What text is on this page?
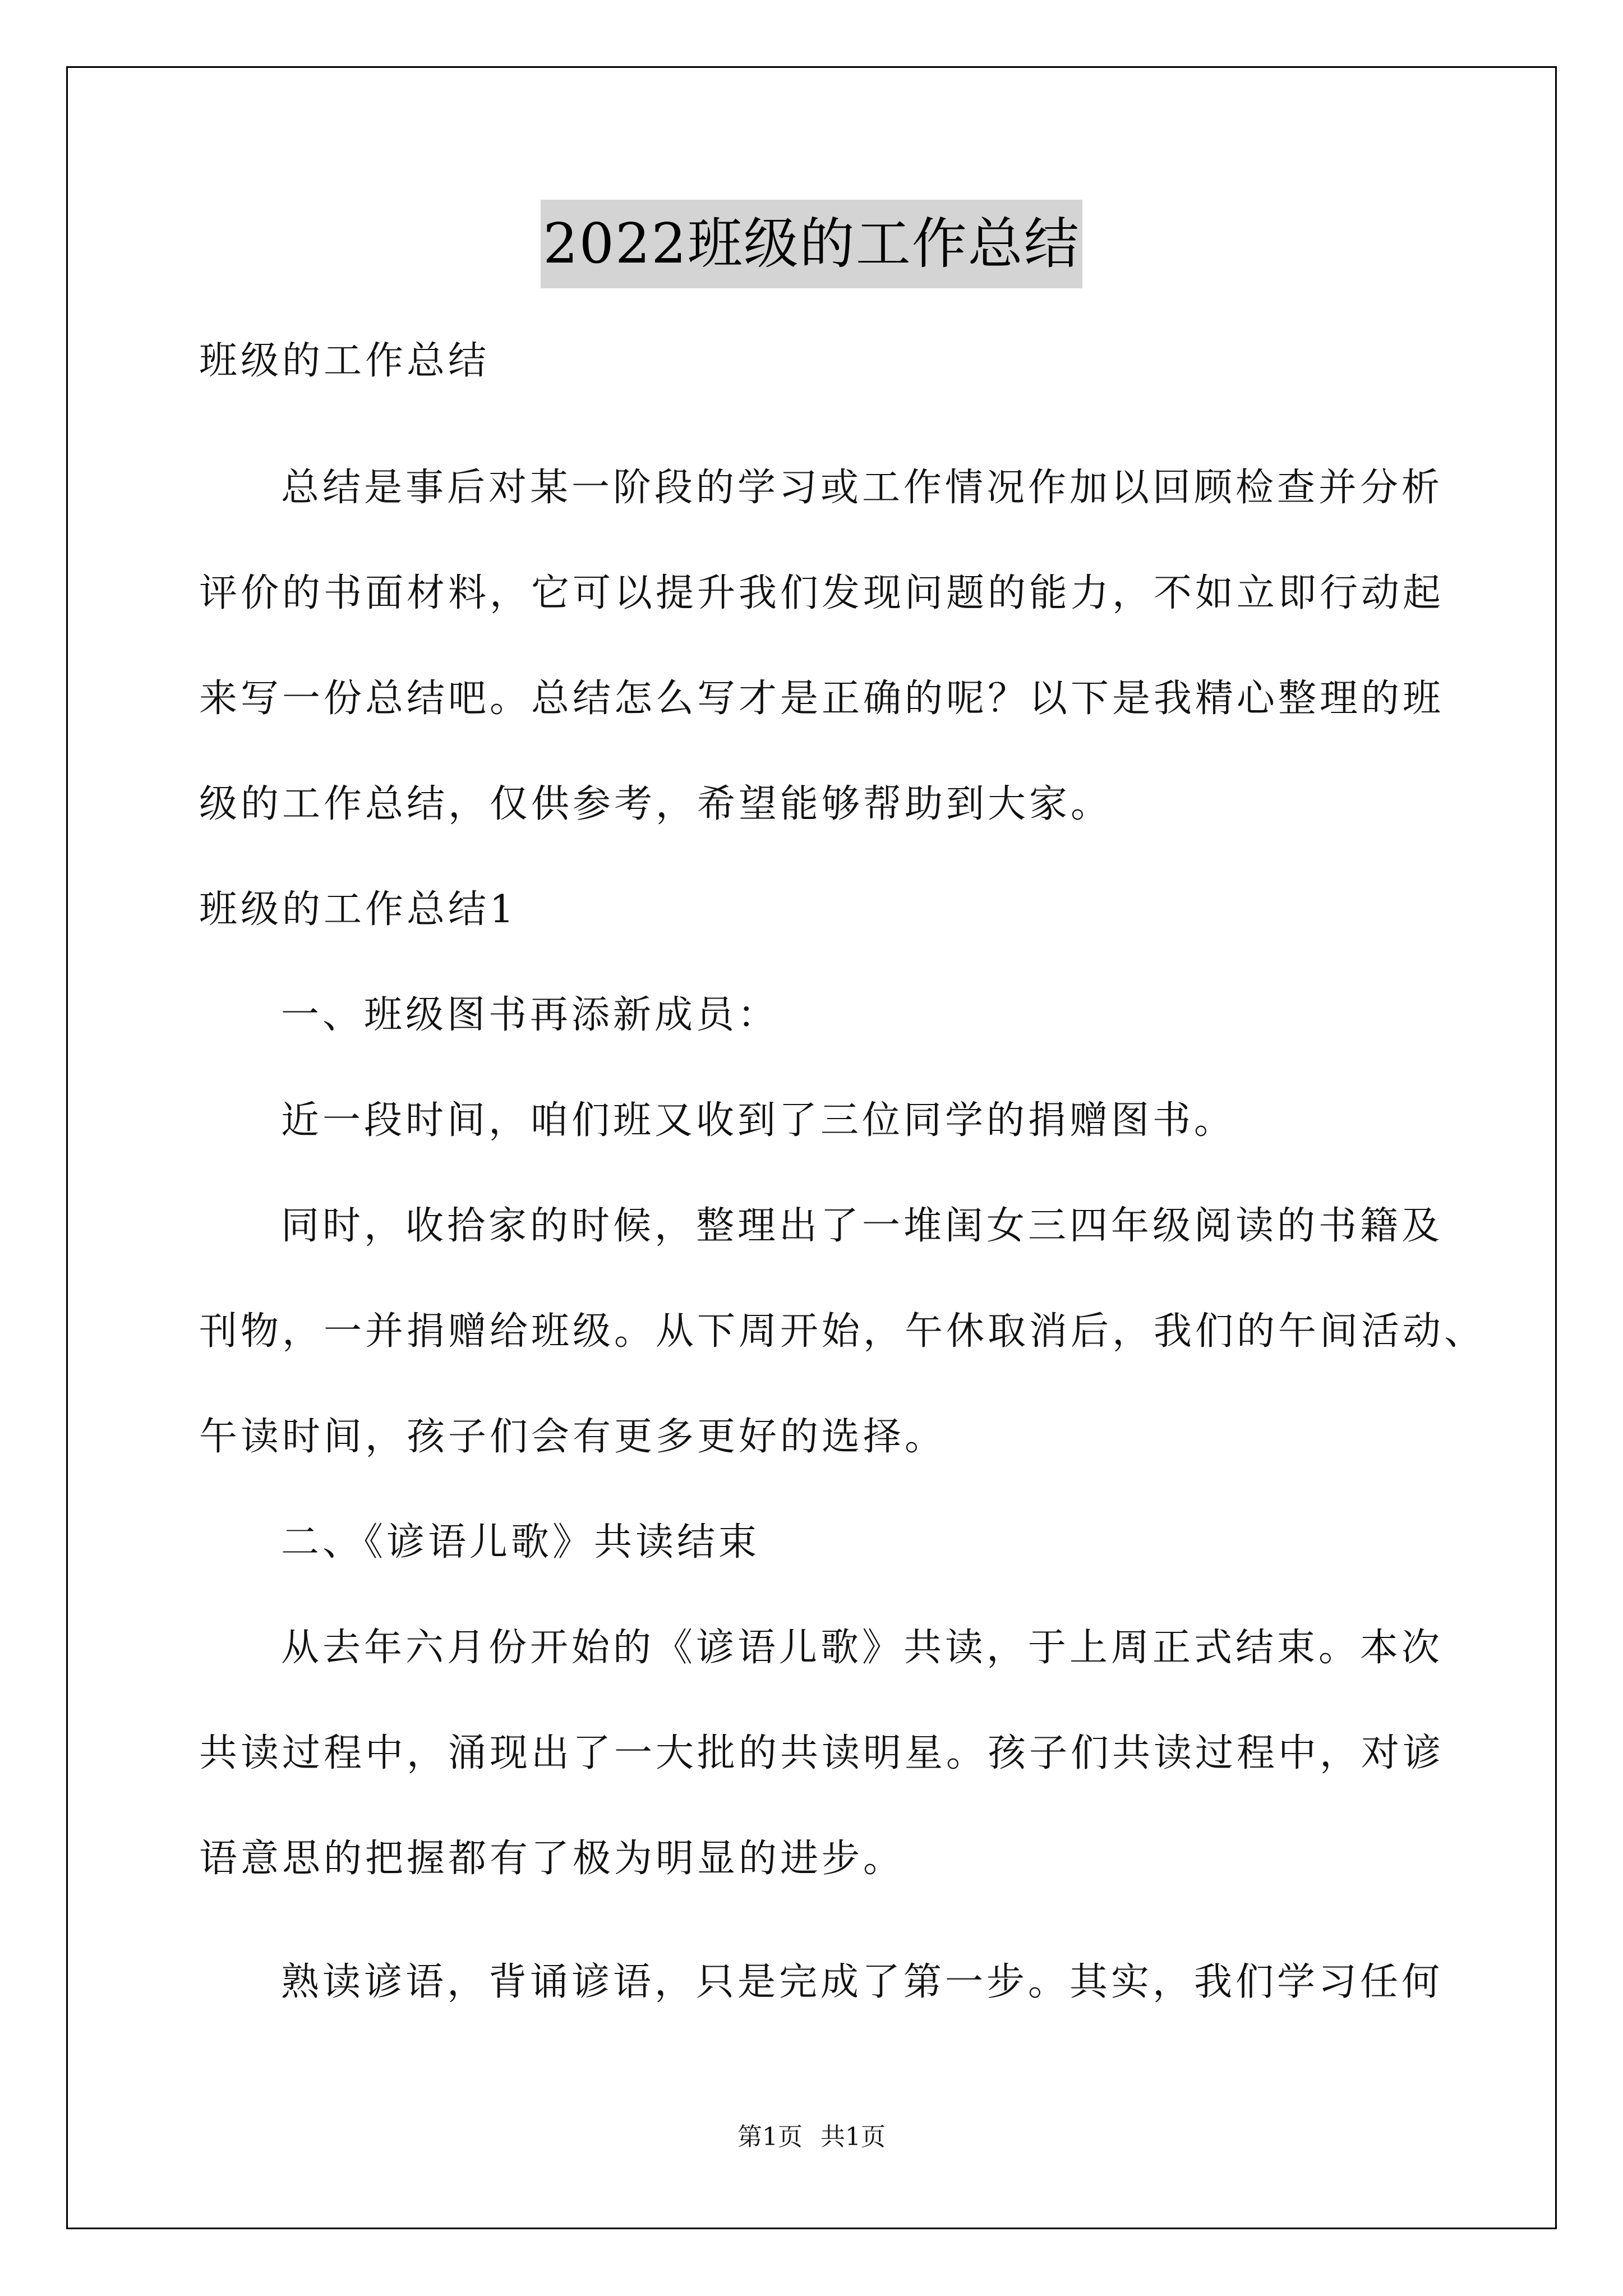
2022班级的工作总结
班级的工作总结
总结是事后对某一阶段的学习或工作情况作加以回顾检查并分析
评价的书面材料，它可以提升我们发现问题的能力，不如立即行动起
来写一份总结吧。总结怎么写才是正确的呢？以下是我精心整理的班
级的工作总结，仅供参考，希望能够帮助到大家。
班级的工作总结1
一、班级图书再添新成员：
近一段时间，咱们班又收到了三位同学的捐赠图书。
同时，收拾家的时候，整理出了一堆闺女三四年级阅读的书籍及
刊物，一并捐赠给班级。从下周开始，午休取消后，我们的午间活动、
午读时间，孩子们会有更多更好的选择。
二、《谚语儿歌》共读结束
从去年六月份开始的《谚语儿歌》共读，于上周正式结束。本次
共读过程中，涌现出了一大批的共读明星。孩子们共读过程中，对谚
语意思的把握都有了极为明显的进步。
熟读谚语，背诵谚语，只是完成了第一步。其实，我们学习任何
第1页 共1页
